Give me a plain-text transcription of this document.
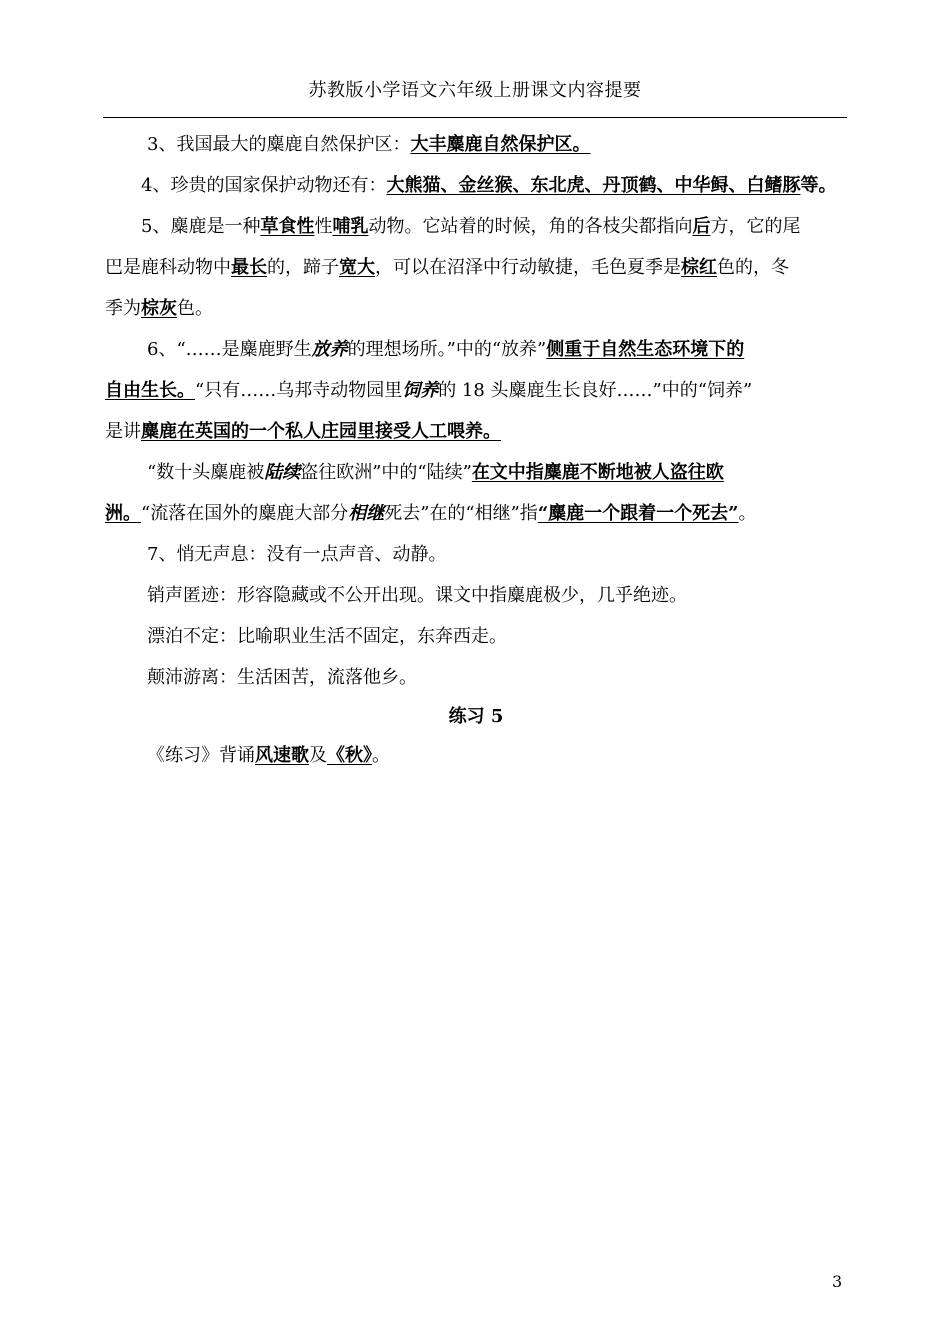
苏教版小学语文六年级上册课文内容提要

3、我国最大的麋鹿自然保护区：大丰麋鹿自然保护区。

4、珍贵的国家保护动物还有：大熊猫、金丝猴、东北虎、丹顶鹤、中华鲟、白鳍豚等。

5、麋鹿是一种草食性性哺乳动物。它站着的时候，角的各枝尖都指向后方，它的尾

巴是鹿科动物中最长的，蹄子宽大，可以在沼泽中行动敏捷，毛色夏季是棕红色的，冬

季为棕灰色。

6、“……是麋鹿野生放养的理想场所。”中的“放养”侧重于自然生态环境下的

自由生长。“只有……乌邦寺动物园里饲养的 18 头麋鹿生长良好……”中的“饲养”

是讲麋鹿在英国的一个私人庄园里接受人工喂养。

“数十头麋鹿被陆续盗往欧洲”中的“陆续”在文中指麋鹿不断地被人盗往欧

洲。“流落在国外的麋鹿大部分相继死去”在的“相继”指“麋鹿一个跟着一个死去”。

7、悄无声息：没有一点声音、动静。

销声匿迹：形容隐藏或不公开出现。课文中指麋鹿极少，几乎绝迹。

漂泊不定：比喻职业生活不固定，东奔西走。

颠沛游离：生活困苦，流落他乡。

练习 5

《练习》背诵风速歌及《秋》。

3
